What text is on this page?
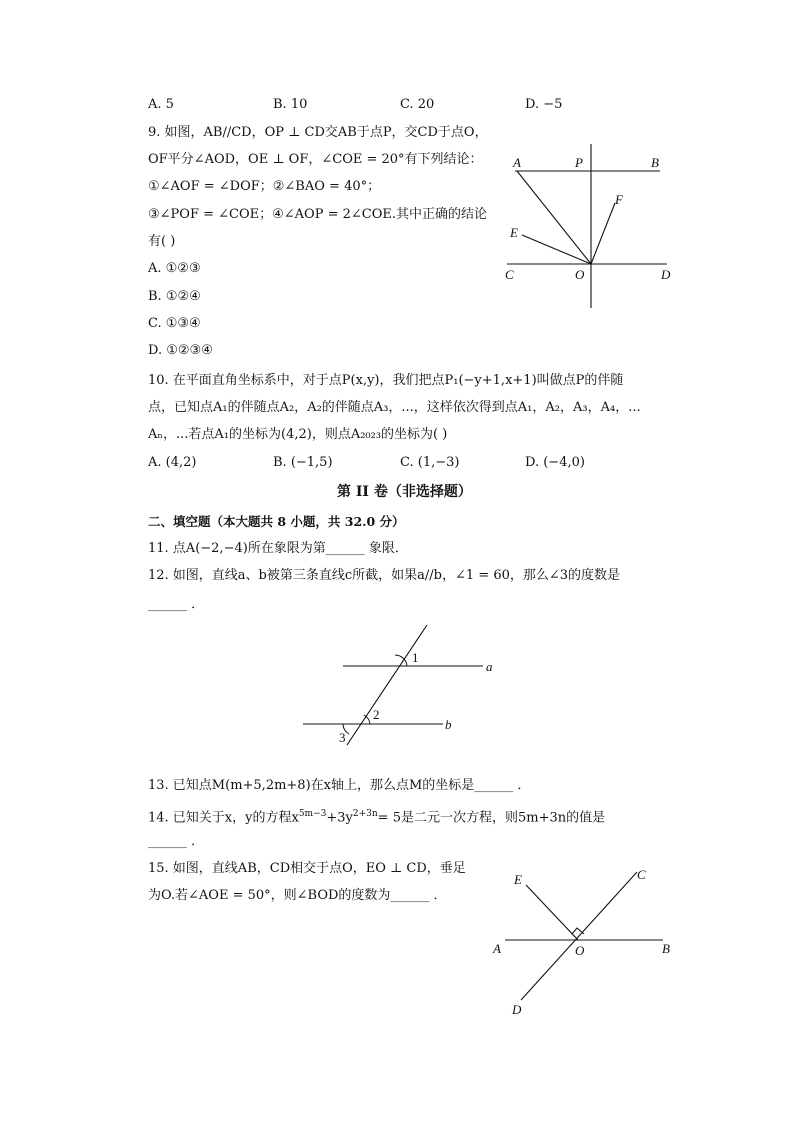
A. 5	B. 10	C. 20	D. −5
9. 如图，AB//CD，OP ⊥ CD交AB于点P，交CD于点O，
OF平分∠AOD，OE ⊥ OF，∠COE = 20°有下列结论：
①∠AOF = ∠DOF；②∠BAO = 40°；
③∠POF = ∠COE；④∠AOP = 2∠COE.其中正确的结论
有( )
A. ①②③
B. ①②④
C. ①③④
D. ①②③④
A	P	B
F
E
C	O	D
10. 在平面直角坐标系中，对于点P(x,y)，我们把点P₁(−y+1,x+1)叫做点P的伴随
点，已知点A₁的伴随点A₂，A₂的伴随点A₃，...，这样依次得到点A₁，A₂，A₃，A₄，...
Aₙ，...若点A₁的坐标为(4,2)，则点A₂₀₂₃的坐标为( )
A. (4,2)	B. (−1,5)	C. (1,−3)	D. (−4,0)
第 II 卷（非选择题）
二、填空题（本大题共 8 小题，共 32.0 分）
11. 点A(−2,−4)所在象限为第______ 象限．
12. 如图，直线a、b被第三条直线c所截，如果a//b，∠1 = 60，那么∠3的度数是
______ ．
1
a
2
b
3
13. 已知点M(m+5,2m+8)在x轴上，那么点M的坐标是______ ．
14. 已知关于x，y的方程$x^{5m-3}+3y^{2+3n}= 5$是二元一次方程，则5m+3n的值是
______ ．
15. 如图，直线AB，CD相交于点O，EO ⊥ CD，垂足
为O.若∠AOE = 50°，则∠BOD的度数为______ ．
E	C
A	O	B
D
